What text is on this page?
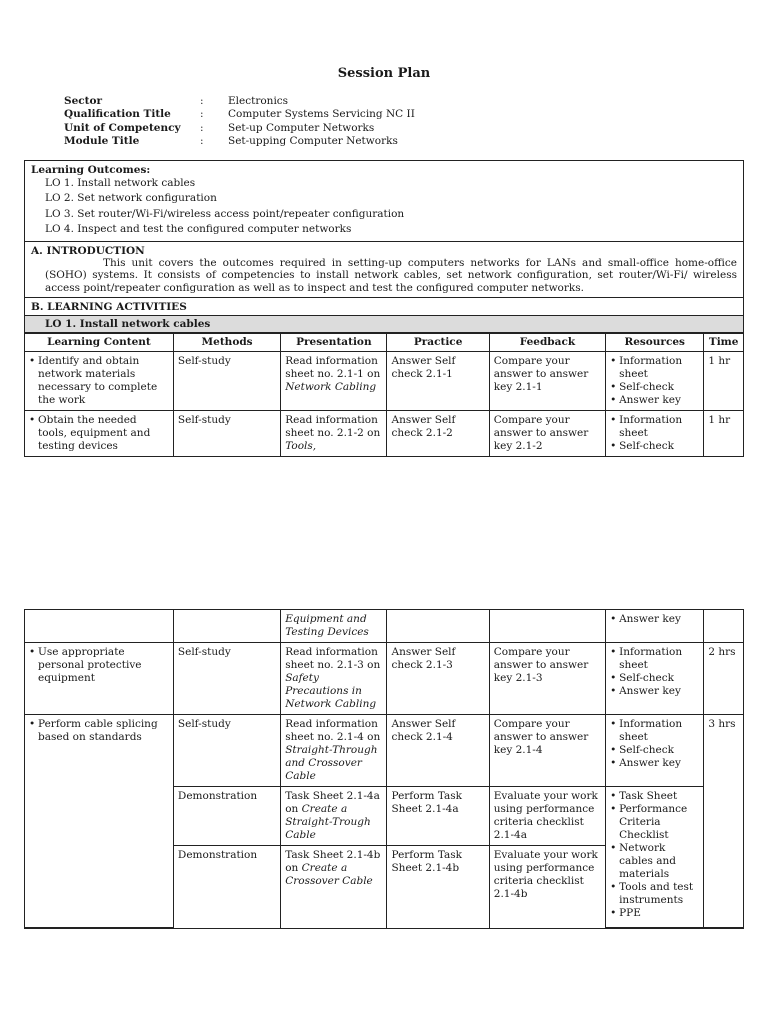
Session Plan
Sector	:	Electronics
Qualification Title	:	Computer Systems Servicing NC II
Unit of Competency	:	Set-up Computer Networks
Module Title	:	Set-upping Computer Networks
Learning Outcomes:
LO 1. Install network cables
LO 2. Set network configuration
LO 3. Set router/Wi-Fi/wireless access point/repeater configuration
LO 4. Inspect and test the configured computer networks
A. INTRODUCTION
This unit covers the outcomes required in setting-up computers networks for LANs and small-office home-office (SOHO) systems. It consists of competencies to install network cables, set network configuration, set router/Wi-Fi/ wireless access point/repeater configuration as well as to inspect and test the configured computer networks.
B. LEARNING ACTIVITIES
LO 1. Install network cables
Learning Content	Methods	Presentation	Practice	Feedback	Resources	Time

• Identify and obtain network materials necessary to complete the work	Self-study	Read information sheet no. 2.1-1 on Network Cabling	Answer Self check 2.1-1	Compare your answer to answer key 2.1-1	• Information sheet
• Self-check
• Answer key	1 hr

• Obtain the needed tools, equipment and testing devices	Self-study	Read information sheet no. 2.1-2 on Tools,	Answer Self check 2.1-2	Compare your answer to answer key 2.1-2	• Information sheet
• Self-check	1 hr
		Equipment and Testing Devices			• Answer key

• Use appropriate personal protective equipment	Self-study	Read information sheet no. 2.1-3 on Safety Precautions in Network Cabling	Answer Self check 2.1-3	Compare your answer to answer key 2.1-3	• Information sheet
• Self-check
• Answer key	2 hrs

• Perform cable splicing based on standards	Self-study	Read information sheet no. 2.1-4 on Straight-Through and Crossover Cable	Answer Self check 2.1-4	Compare your answer to answer key 2.1-4	• Information sheet
• Self-check
• Answer key	3 hrs
	Demonstration	Task Sheet 2.1-4a on Create a Straight-Trough Cable	Perform Task Sheet 2.1-4a	Evaluate your work using performance criteria checklist 2.1-4a	• Task Sheet
• Performance Criteria Checklist
• Network cables and materials
• Tools and test instruments
• PPE

	Demonstration	Task Sheet 2.1-4b on Create a Crossover Cable	Perform Task Sheet 2.1-4b	Evaluate your work using performance criteria checklist 2.1-4b		
